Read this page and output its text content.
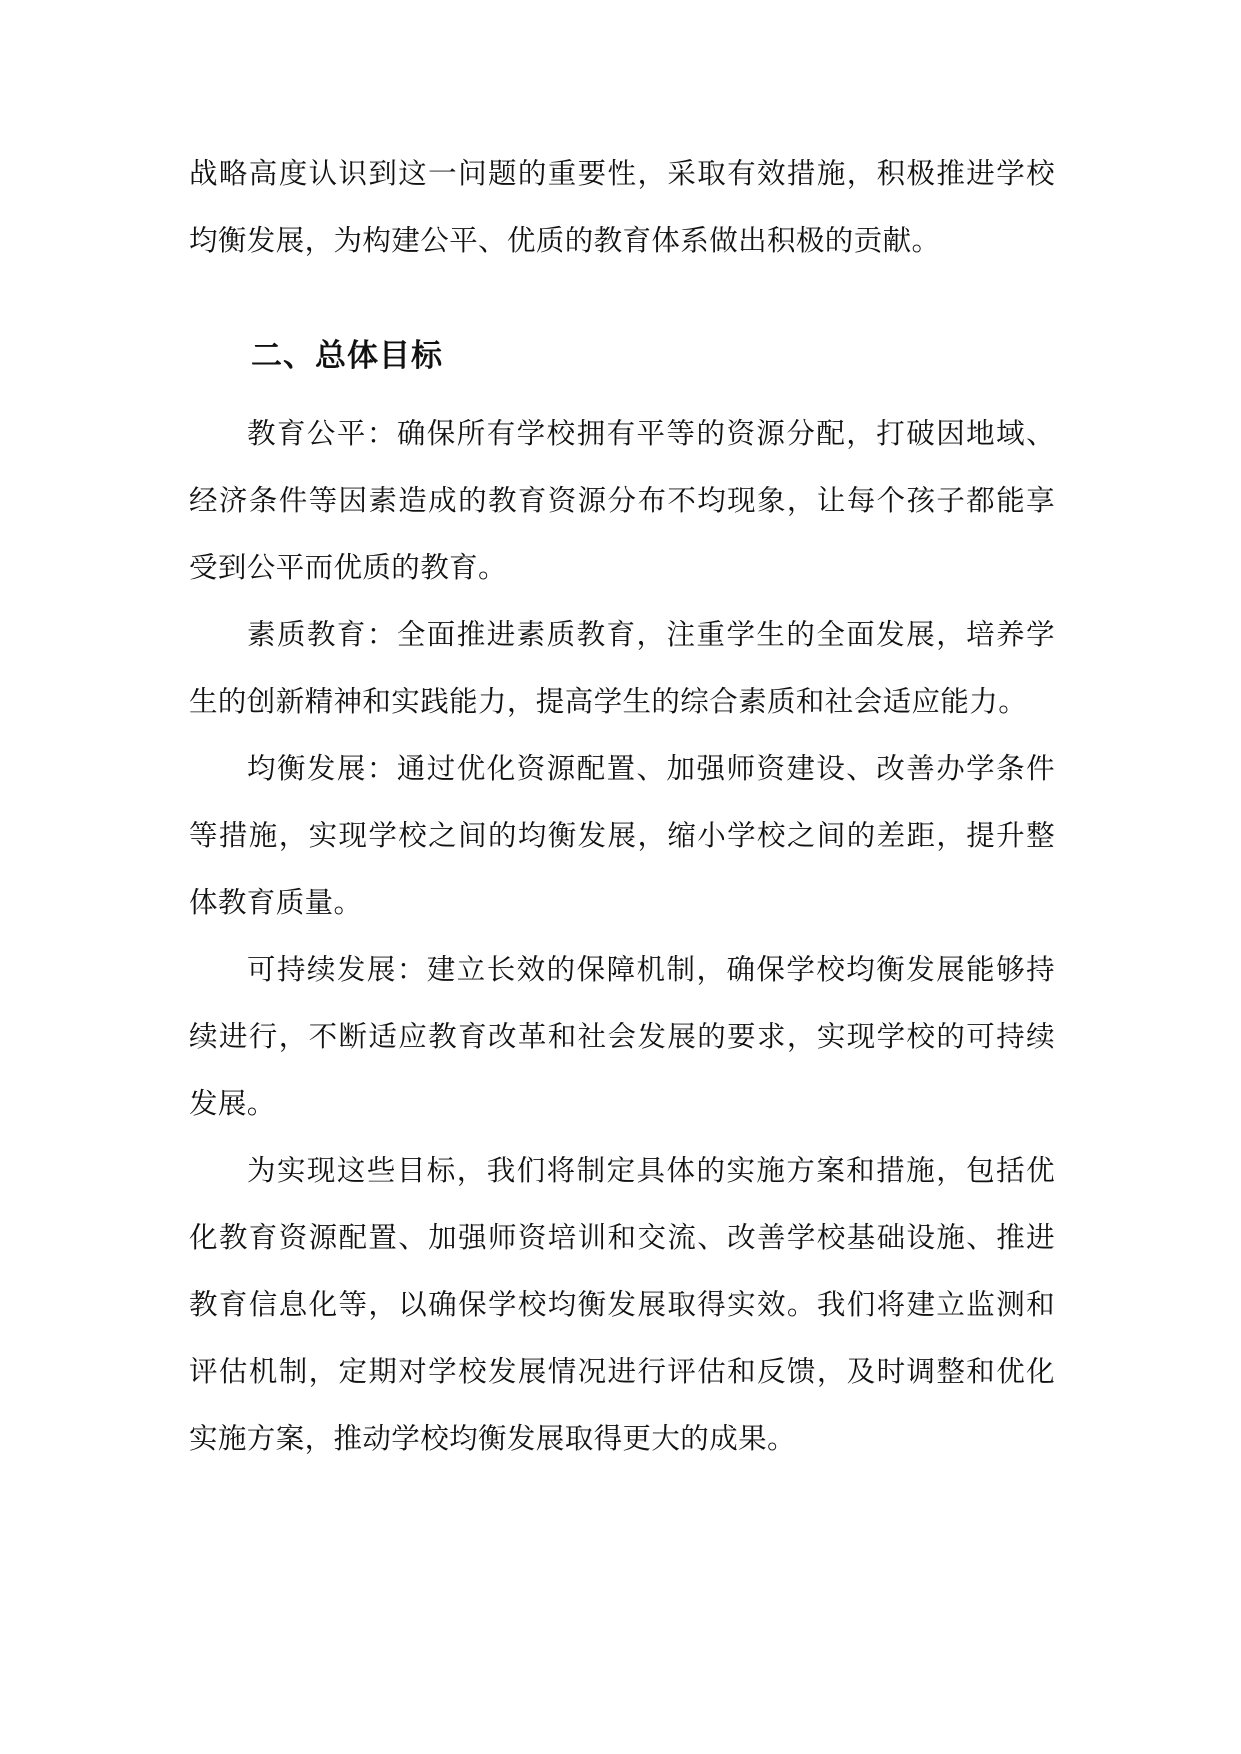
战略高度认识到这一问题的重要性，采取有效措施，积极推进学校均衡发展，为构建公平、优质的教育体系做出积极的贡献。

二、总体目标

教育公平：确保所有学校拥有平等的资源分配，打破因地域、经济条件等因素造成的教育资源分布不均现象，让每个孩子都能享受到公平而优质的教育。

素质教育：全面推进素质教育，注重学生的全面发展，培养学生的创新精神和实践能力，提高学生的综合素质和社会适应能力。

均衡发展：通过优化资源配置、加强师资建设、改善办学条件等措施，实现学校之间的均衡发展，缩小学校之间的差距，提升整体教育质量。

可持续发展：建立长效的保障机制，确保学校均衡发展能够持续进行，不断适应教育改革和社会发展的要求，实现学校的可持续发展。

为实现这些目标，我们将制定具体的实施方案和措施，包括优化教育资源配置、加强师资培训和交流、改善学校基础设施、推进教育信息化等，以确保学校均衡发展取得实效。我们将建立监测和评估机制，定期对学校发展情况进行评估和反馈，及时调整和优化实施方案，推动学校均衡发展取得更大的成果。
